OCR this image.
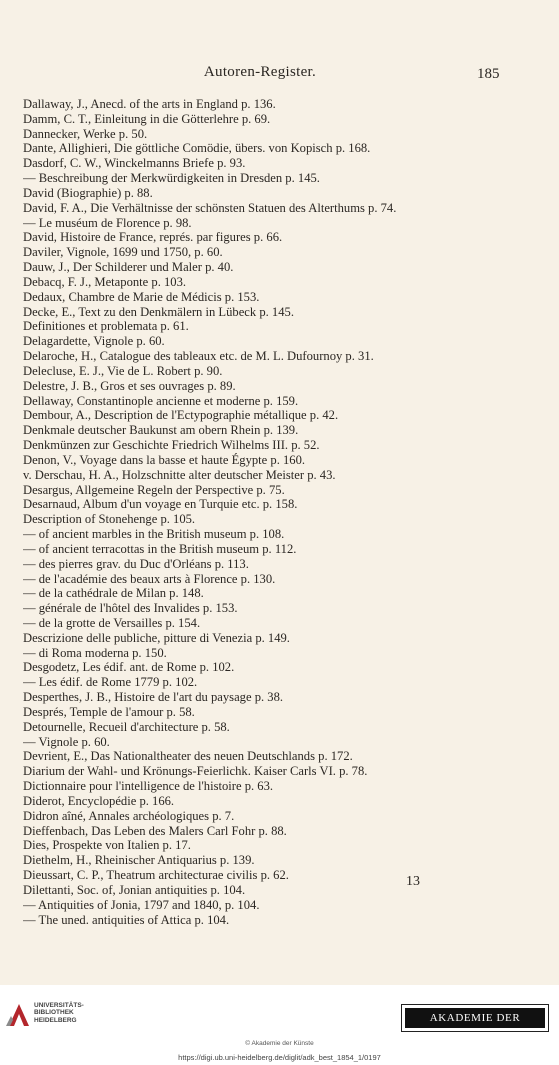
Autoren-Register.	185
Dallaway, J., Anecd. of the arts in England p. 136.
Damm, C. T., Einleitung in die Götterlehre p. 69.
Dannecker, Werke p. 50.
Dante, Allighieri, Die göttliche Comödie, übers. von Kopisch p. 168.
Dasdorf, C. W., Winckelmanns Briefe p. 93.
— Beschreibung der Merkwürdigkeiten in Dresden p. 145.
David (Biographie) p. 88.
David, F. A., Die Verhältnisse der schönsten Statuen des Alterthums p. 74.
— Le muséum de Florence p. 98.
David, Histoire de France, représ. par figures p. 66.
Daviler, Vignole, 1699 und 1750, p. 60.
Dauw, J., Der Schilderer und Maler p. 40.
Debacq, F. J., Metaponte p. 103.
Dedaux, Chambre de Marie de Médicis p. 153.
Decke, E., Text zu den Denkmälern in Lübeck p. 145.
Definitiones et problemata p. 61.
Delagardette, Vignole p. 60.
Delaroche, H., Catalogue des tableaux etc. de M. L. Dufournoy p. 31.
Delecluse, E. J., Vie de L. Robert p. 90.
Delestre, J. B., Gros et ses ouvrages p. 89.
Dellaway, Constantinople ancienne et moderne p. 159.
Dembour, A., Description de l'Ectypographie métallique p. 42.
Denkmale deutscher Baukunst am obern Rhein p. 139.
Denkmünzen zur Geschichte Friedrich Wilhelms III. p. 52.
Denon, V., Voyage dans la basse et haute Égypte p. 160.
v. Derschau, H. A., Holzschnitte alter deutscher Meister p. 43.
Desargus, Allgemeine Regeln der Perspective p. 75.
Desarnaud, Album d'un voyage en Turquie etc. p. 158.
Description of Stonehenge p. 105.
— of ancient marbles in the British museum p. 108.
— of ancient terracottas in the British museum p. 112.
— des pierres grav. du Duc d'Orléans p. 113.
— de l'académie des beaux arts à Florence p. 130.
— de la cathédrale de Milan p. 148.
— générale de l'hôtel des Invalides p. 153.
— de la grotte de Versailles p. 154.
Descrizione delle publiche, pitture di Venezia p. 149.
— di Roma moderna p. 150.
Desgodetz, Les édif. ant. de Rome p. 102.
— Les édif. de Rome 1779 p. 102.
Desperthes, J. B., Histoire de l'art du paysage p. 38.
Després, Temple de l'amour p. 58.
Detournelle, Recueil d'architecture p. 58.
— Vignole p. 60.
Devrient, E., Das Nationaltheater des neuen Deutschlands p. 172.
Diarium der Wahl- und Krönungs-Feierlichk. Kaiser Carls VI. p. 78.
Dictionnaire pour l'intelligence de l'histoire p. 63.
Diderot, Encyclopédie p. 166.
Didron aîné, Annales archéologiques p. 7.
Dieffenbach, Das Leben des Malers Carl Fohr p. 88.
Dies, Prospekte von Italien p. 17.
Diethelm, H., Rheinischer Antiquarius p. 139.
Dieussart, C. P., Theatrum architecturae civilis p. 62.
Dilettanti, Soc. of, Jonian antiquities p. 104.
— Antiquities of Jonia, 1797 and 1840, p. 104.
— The uned. antiquities of Attica p. 104.
13
UNIVERSITÄTS-
BIBLIOTHEK
HEIDELBERG	AKADEMIE DER KÜNSTE
© Akademie der Künste
https://digi.ub.uni-heidelberg.de/diglit/adk_best_1854_1/0197
